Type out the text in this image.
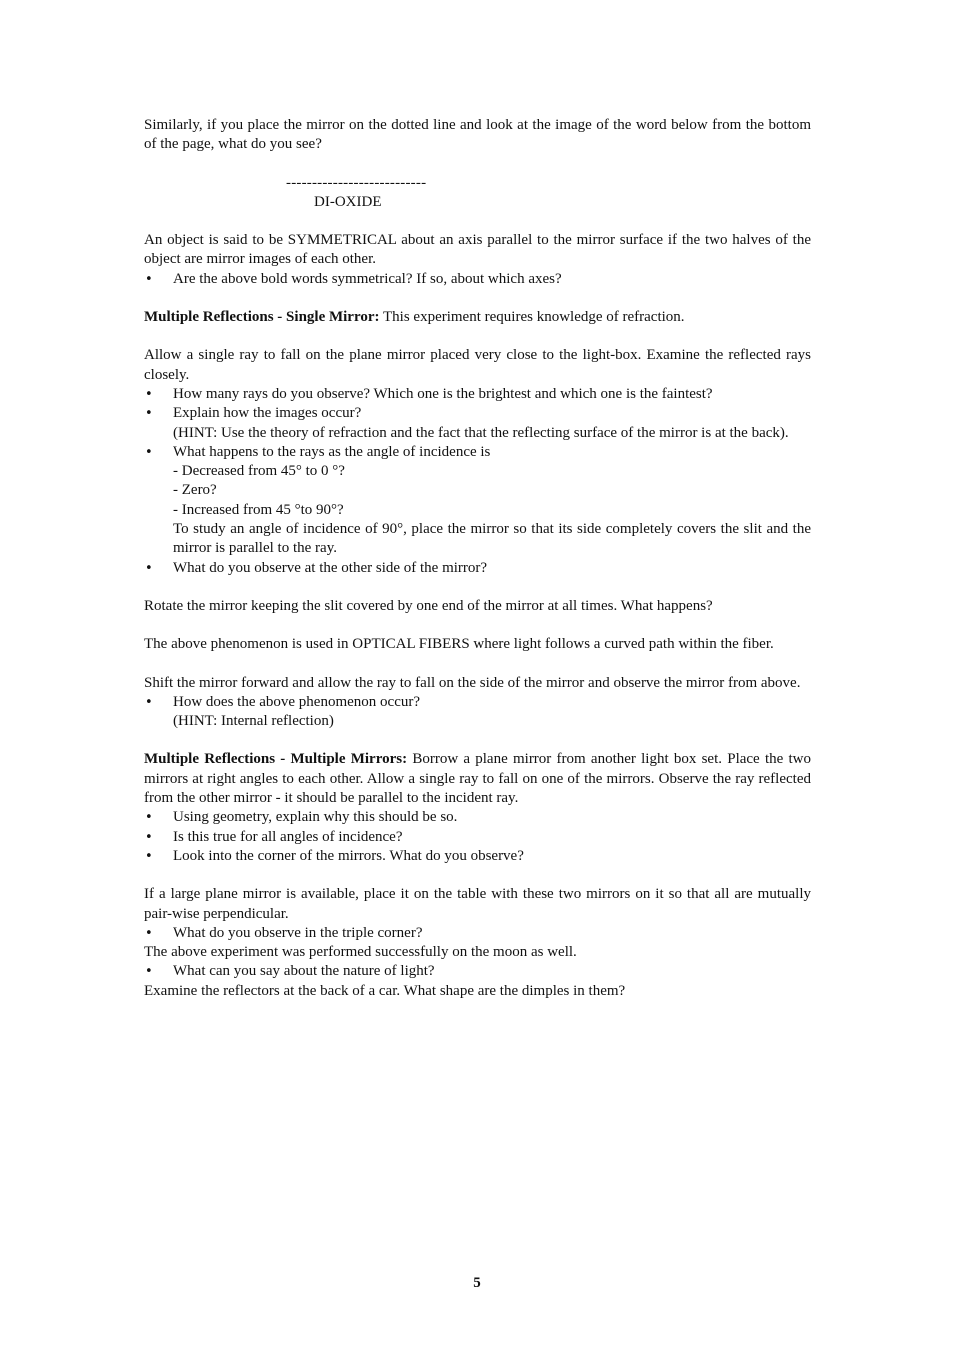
Similarly, if you place the mirror on the dotted line and look at the image of the word below from the bottom of the page, what do you see?

---------------------------
DI-OXIDE

An object is said to be SYMMETRICAL about an axis parallel to the mirror surface if the two halves of the object are mirror images of each other.

• Are the above bold words symmetrical? If so, about which axes?

Multiple Reflections - Single Mirror: This experiment requires knowledge of refraction.

Allow a single ray to fall on the plane mirror placed very close to the light-box. Examine the reflected rays closely.

• How many rays do you observe? Which one is the brightest and which one is the faintest?
• Explain how the images occur?
(HINT: Use the theory of refraction and the fact that the reflecting surface of the mirror is at the back).
• What happens to the rays as the angle of incidence is
- Decreased from 45° to 0 °?
- Zero?
- Increased from 45 °to 90°?
To study an angle of incidence of 90°, place the mirror so that its side completely covers the slit and the mirror is parallel to the ray.
• What do you observe at the other side of the mirror?

Rotate the mirror keeping the slit covered by one end of the mirror at all times. What happens?

The above phenomenon is used in OPTICAL FIBERS where light follows a curved path within the fiber.

Shift the mirror forward and allow the ray to fall on the side of the mirror and observe the mirror from above.

• How does the above phenomenon occur?
(HINT: Internal reflection)

Multiple Reflections - Multiple Mirrors: Borrow a plane mirror from another light box set. Place the two mirrors at right angles to each other. Allow a single ray to fall on one of the mirrors. Observe the ray reflected from the other mirror - it should be parallel to the incident ray.

• Using geometry, explain why this should be so.
• Is this true for all angles of incidence?
• Look into the corner of the mirrors. What do you observe?

If a large plane mirror is available, place it on the table with these two mirrors on it so that all are mutually pair-wise perpendicular.

• What do you observe in the triple corner?

The above experiment was performed successfully on the moon as well.

• What can you say about the nature of light?

Examine the reflectors at the back of a car. What shape are the dimples in them?

5
